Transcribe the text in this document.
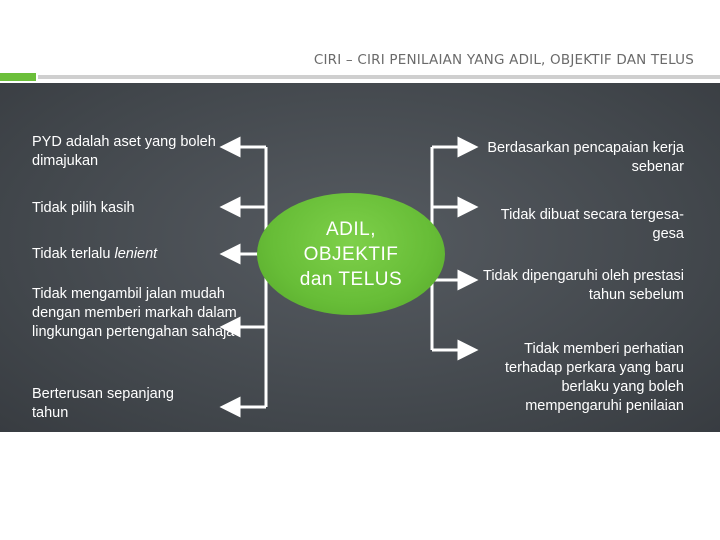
CIRI – CIRI PENILAIAN YANG ADIL, OBJEKTIF DAN TELUS
PYD adalah aset yang boleh dimajukan
Tidak pilih kasih
Tidak terlalu lenient
Tidak mengambil jalan mudah dengan memberi markah dalam lingkungan pertengahan sahaja
Berterusan sepanjang tahun
Berdasarkan pencapaian kerja sebenar
Tidak dibuat secara tergesa-gesa
Tidak dipengaruhi oleh prestasi tahun sebelum
Tidak memberi perhatian terhadap perkara yang baru berlaku yang boleh mempengaruhi penilaian
ADIL,
OBJEKTIF
dan TELUS
